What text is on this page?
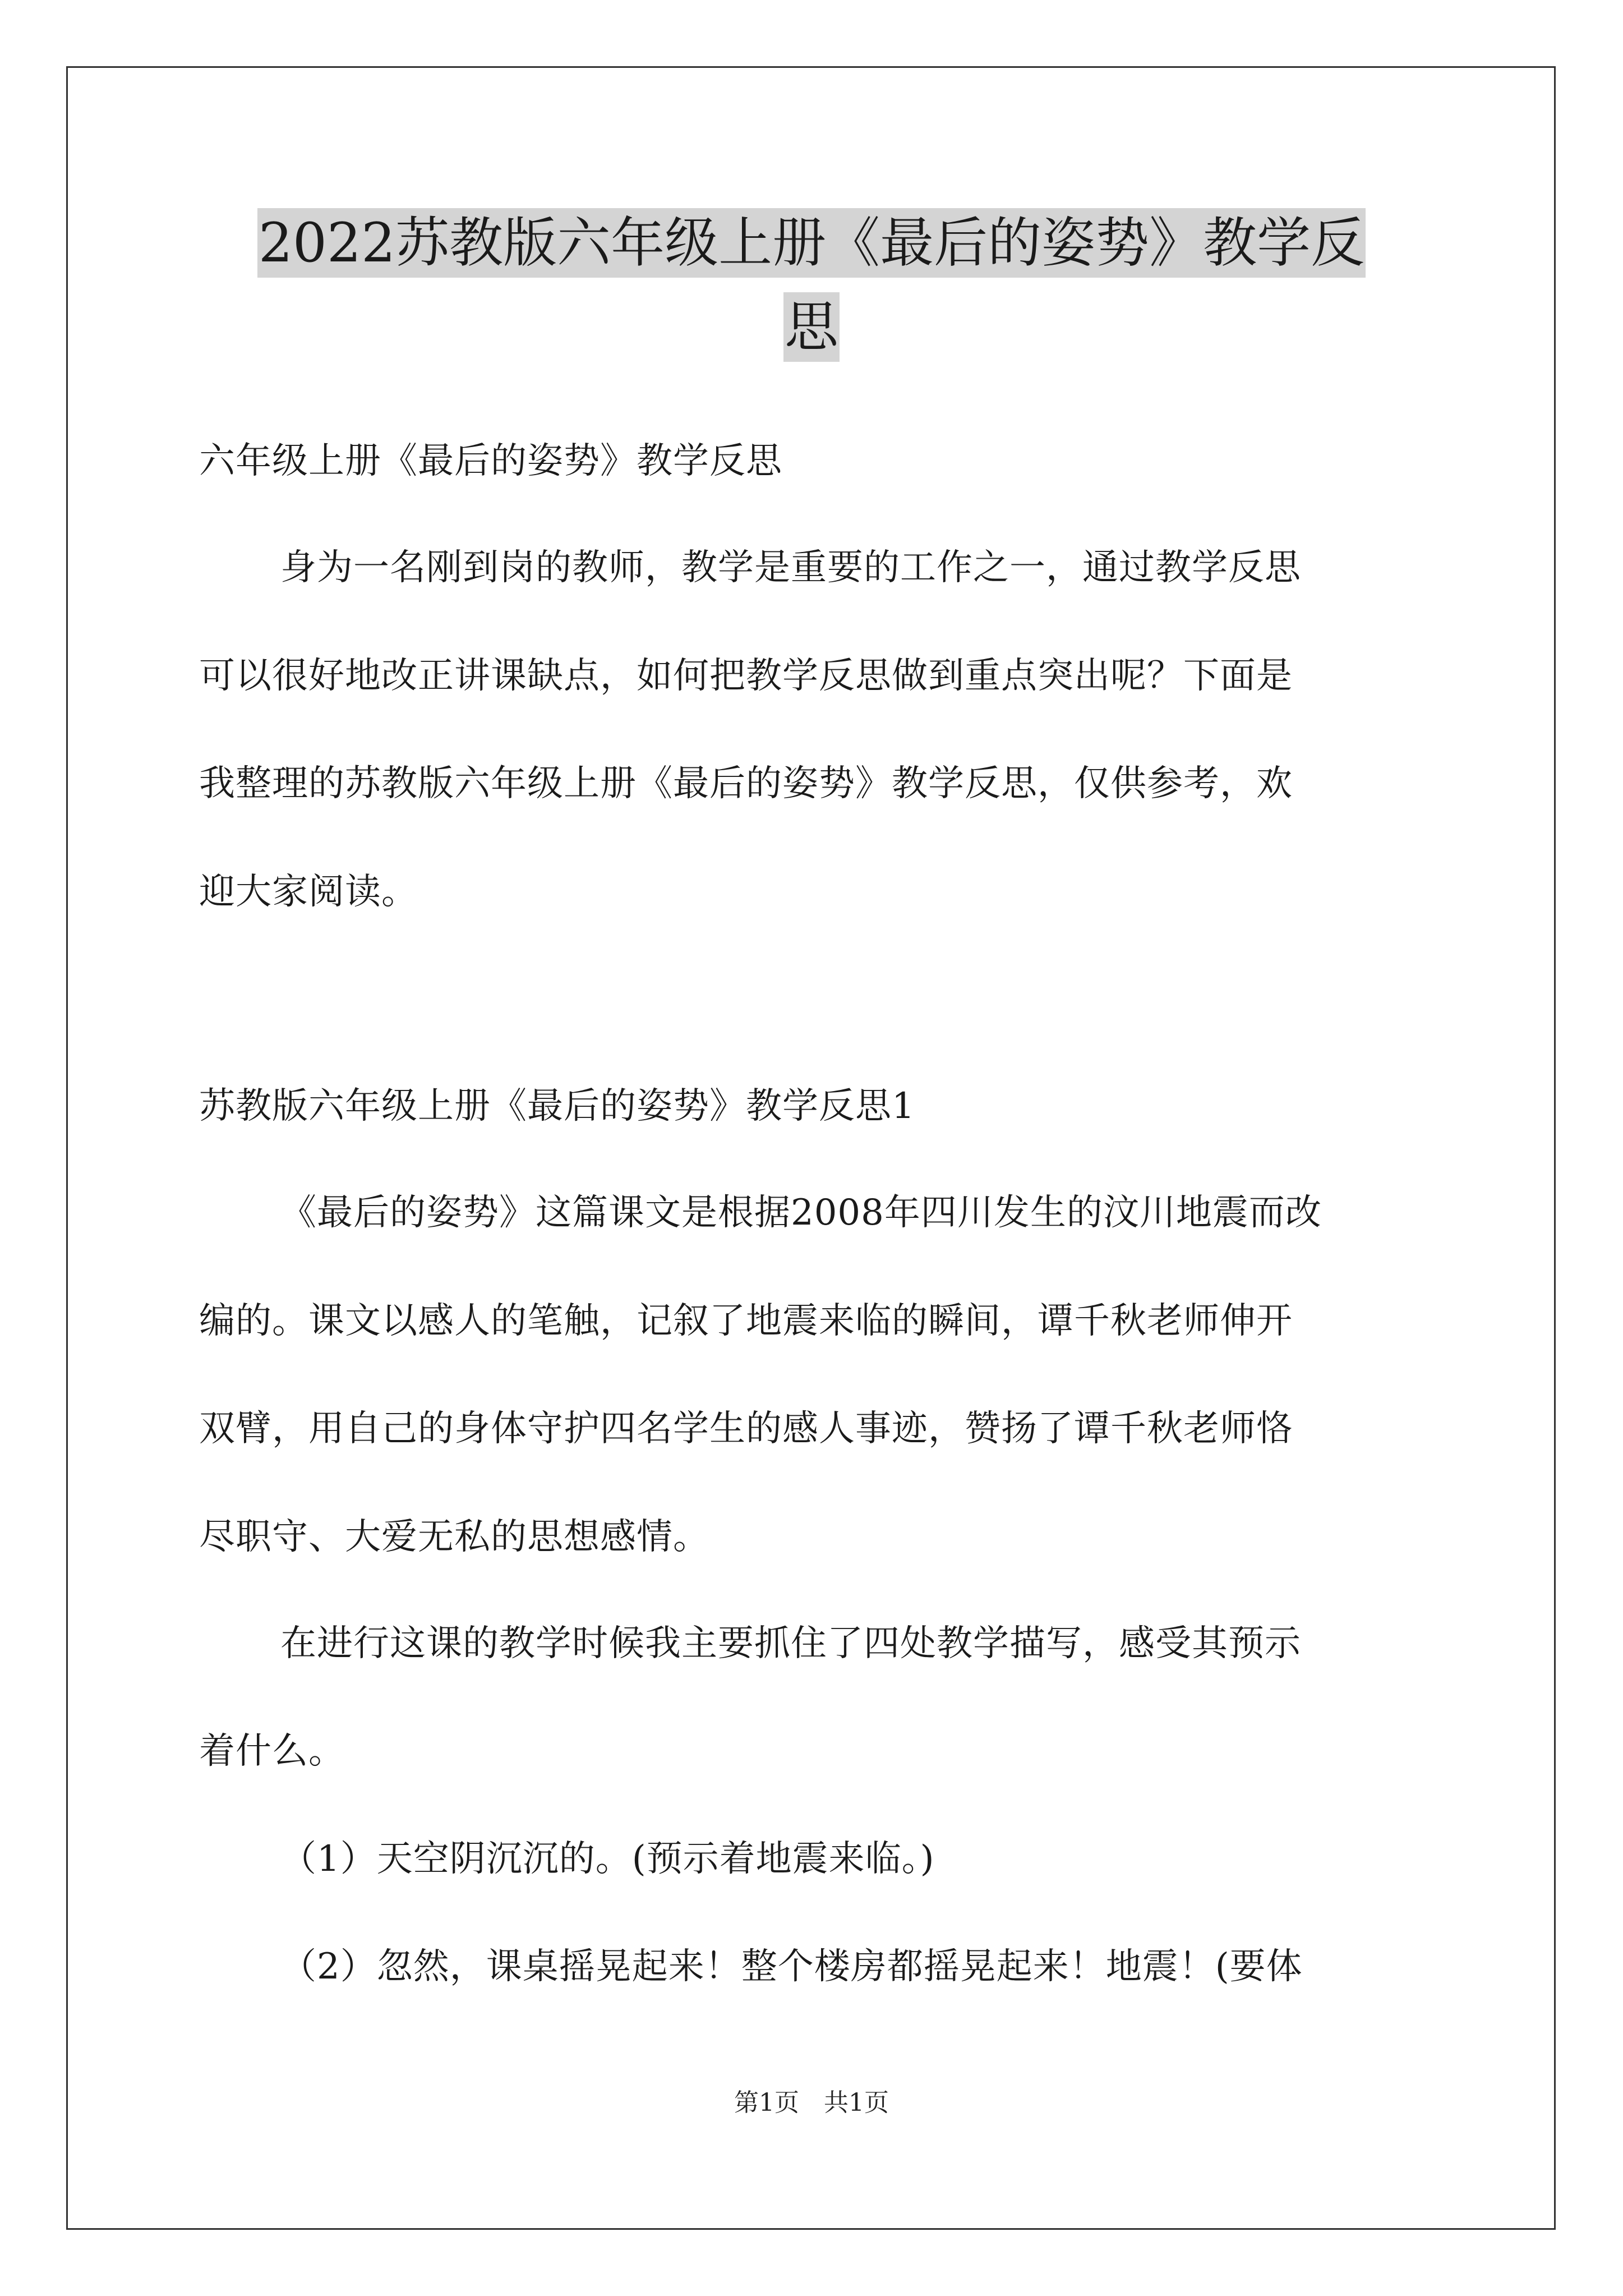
2022苏教版六年级上册《最后的姿势》教学反
思
六年级上册《最后的姿势》教学反思
身为一名刚到岗的教师，教学是重要的工作之一，通过教学反思
可以很好地改正讲课缺点，如何把教学反思做到重点突出呢？下面是
我整理的苏教版六年级上册《最后的姿势》教学反思，仅供参考，欢
迎大家阅读。
苏教版六年级上册《最后的姿势》教学反思1
《最后的姿势》这篇课文是根据2008年四川发生的汶川地震而改
编的。课文以感人的笔触，记叙了地震来临的瞬间，谭千秋老师伸开
双臂，用自己的身体守护四名学生的感人事迹，赞扬了谭千秋老师恪
尽职守、大爱无私的思想感情。
在进行这课的教学时候我主要抓住了四处教学描写，感受其预示
着什么。
（1）天空阴沉沉的。(预示着地震来临。)
（2）忽然，课桌摇晃起来！整个楼房都摇晃起来！地震！(要体
第1页　共1页
